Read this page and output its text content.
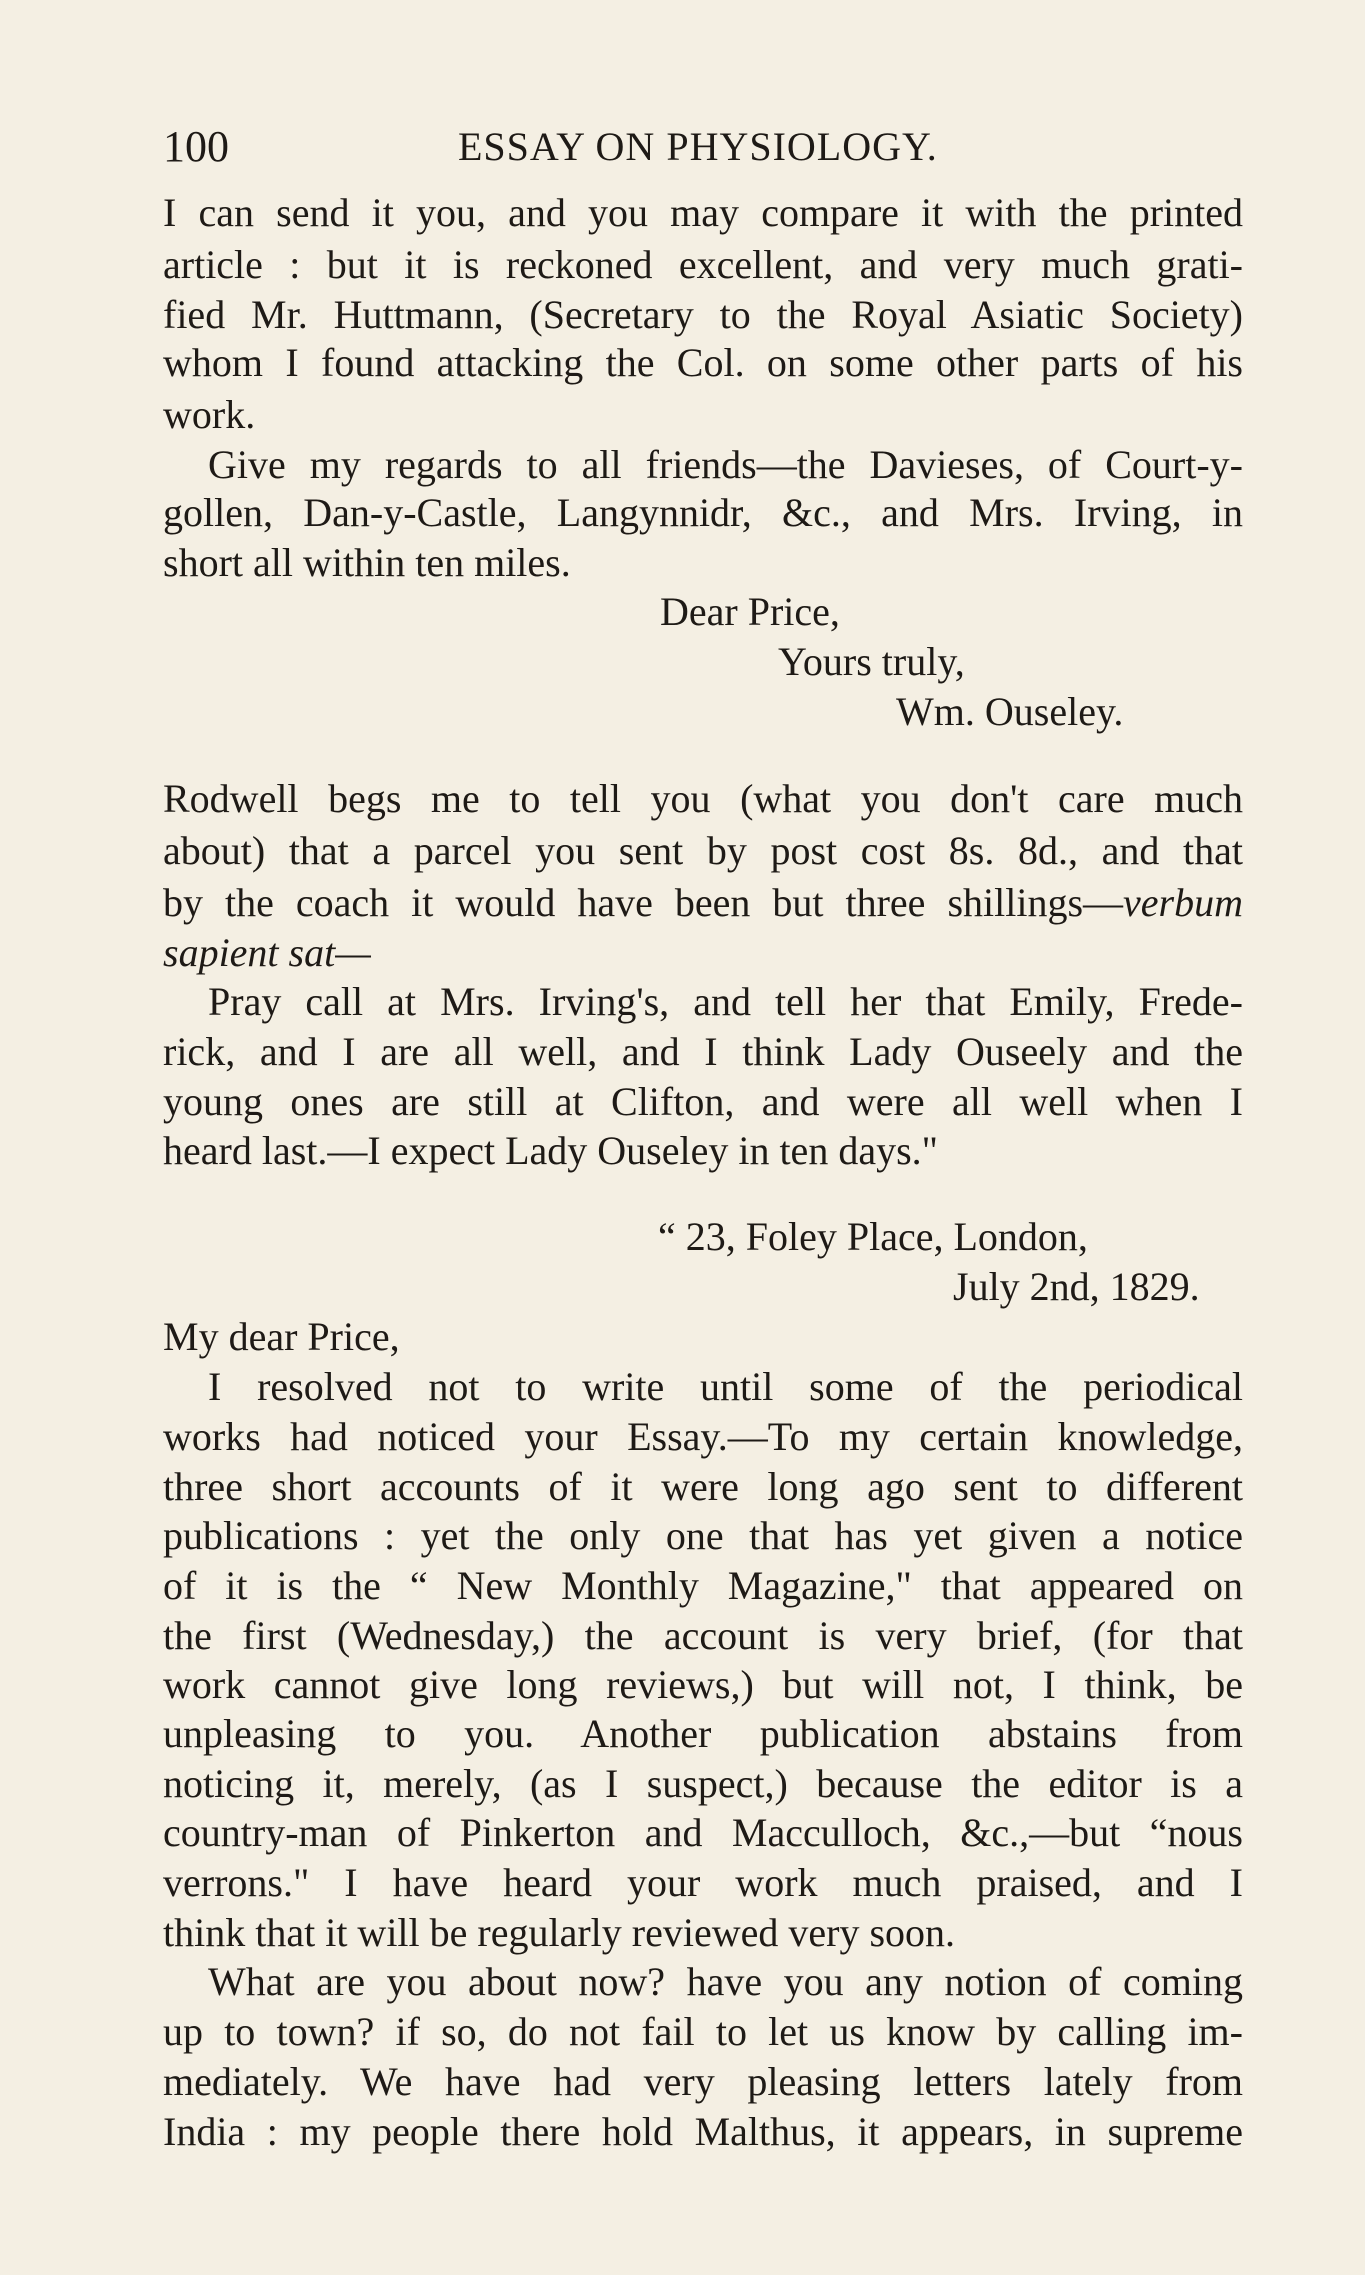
100	ESSAY ON PHYSIOLOGY.
I can send it you, and you may compare it with the printed
article : but it is reckoned excellent, and very much grati-
fied Mr. Huttmann, (Secretary to the Royal Asiatic Society)
whom I found attacking the Col. on some other parts of his
work.
Give my regards to all friends—the Davieses, of Court-y-
gollen, Dan-y-Castle, Langynnidr, &c., and Mrs. Irving, in
short all within ten miles.
Dear Price,
Yours truly,
Wm. Ouseley.
Rodwell begs me to tell you (what you don't care much
about) that a parcel you sent by post cost 8s. 8d., and that
by the coach it would have been but three shillings—verbum
sapient sat—
Pray call at Mrs. Irving's, and tell her that Emily, Frede-
rick, and I are all well, and I think Lady Ouseely and the
young ones are still at Clifton, and were all well when I
heard last.—I expect Lady Ouseley in ten days."
“ 23, Foley Place, London,
July 2nd, 1829.
My dear Price,
I resolved not to write until some of the periodical
works had noticed your Essay.—To my certain knowledge,
three short accounts of it were long ago sent to different
publications : yet the only one that has yet given a notice
of it is the “ New Monthly Magazine," that appeared on
the first (Wednesday,) the account is very brief, (for that
work cannot give long reviews,) but will not, I think, be
unpleasing to you. Another publication abstains from
noticing it, merely, (as I suspect,) because the editor is a
country-man of Pinkerton and Macculloch, &c.,—but “nous
verrons." I have heard your work much praised, and I
think that it will be regularly reviewed very soon.
What are you about now? have you any notion of coming
up to town? if so, do not fail to let us know by calling im-
mediately. We have had very pleasing letters lately from
India : my people there hold Malthus, it appears, in supreme
